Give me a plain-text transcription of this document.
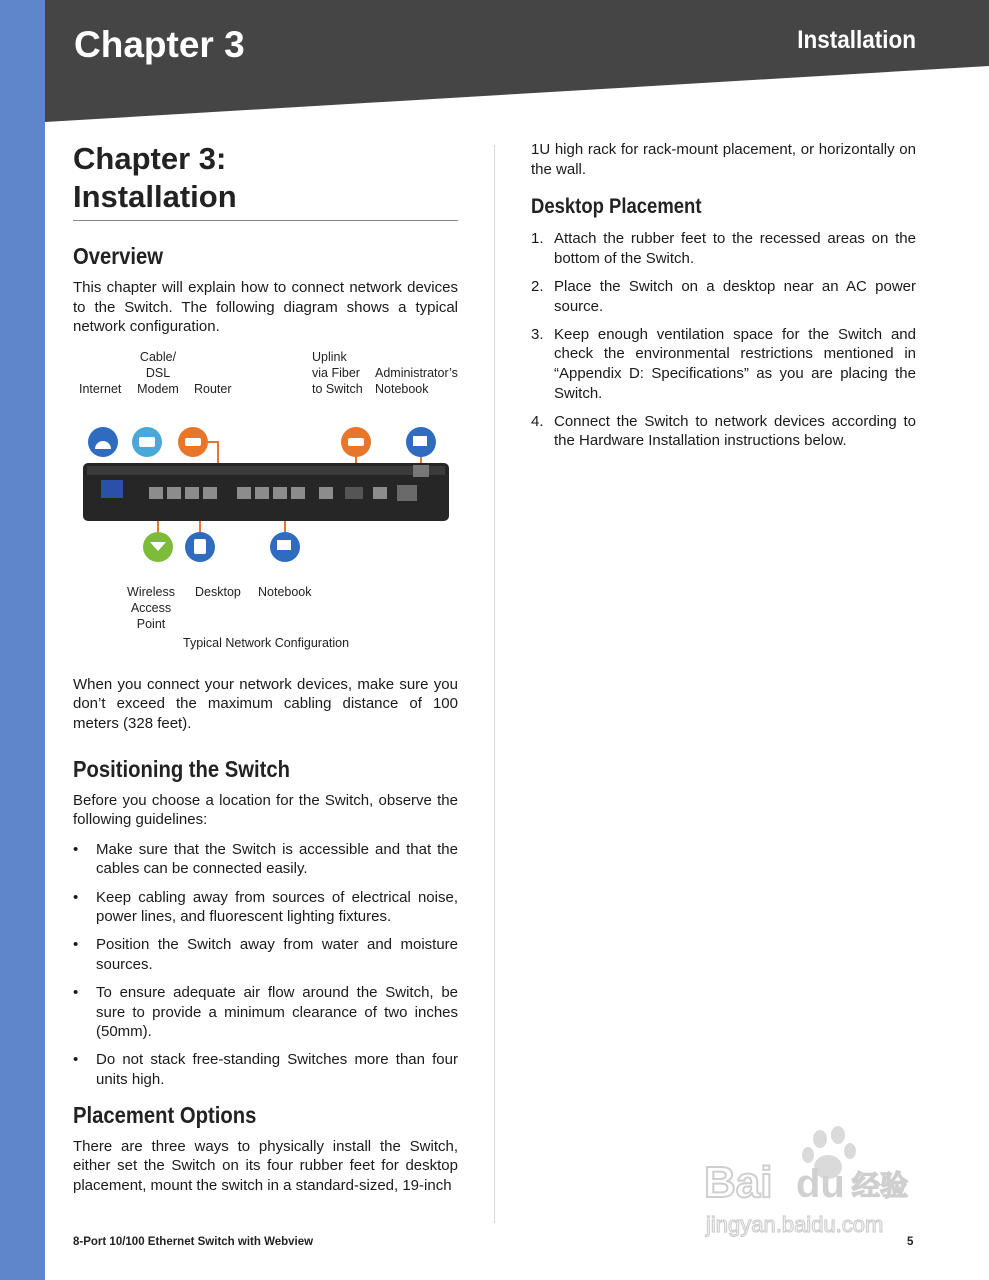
Chapter 3	Installation
Chapter 3:
Installation
Overview

This chapter will explain how to connect network devices to the Switch. The following diagram shows a typical network configuration.

Internet
Cable/
DSL
Modem Router
Uplink
via Fiber
to Switch
Administrator’s
Notebook
Wireless
Access
Point
Desktop Notebook
Typical Network Configuration

When you connect your network devices, make sure you don’t exceed the maximum cabling distance of 100 meters (328 feet).

Positioning the Switch

Before you choose a location for the Switch, observe the following guidelines:

• Make sure that the Switch is accessible and that the cables can be connected easily.
• Keep cabling away from sources of electrical noise, power lines, and fluorescent lighting fixtures.
• Position the Switch away from water and moisture sources.
• To ensure adequate air flow around the Switch, be sure to provide a minimum clearance of two inches (50mm).
• Do not stack free-standing Switches more than four units high.
Placement Options

There are three ways to physically install the Switch, either set the Switch on its four rubber feet for desktop placement, mount the switch in a standard-sized, 19-inch

1U high rack for rack-mount placement, or horizontally on the wall.

Desktop Placement
1. Attach the rubber feet to the recessed areas on the bottom of the Switch.
2. Place the Switch on a desktop near an AC power source.
3. Keep enough ventilation space for the Switch and check the environmental restrictions mentioned in “Appendix D: Specifications” as you are placing the Switch.
4. Connect the Switch to network devices according to the Hardware Installation instructions below.
Bai du 经验
jingyan.baidu.com
8-Port 10/100 Ethernet Switch with Webview	5
